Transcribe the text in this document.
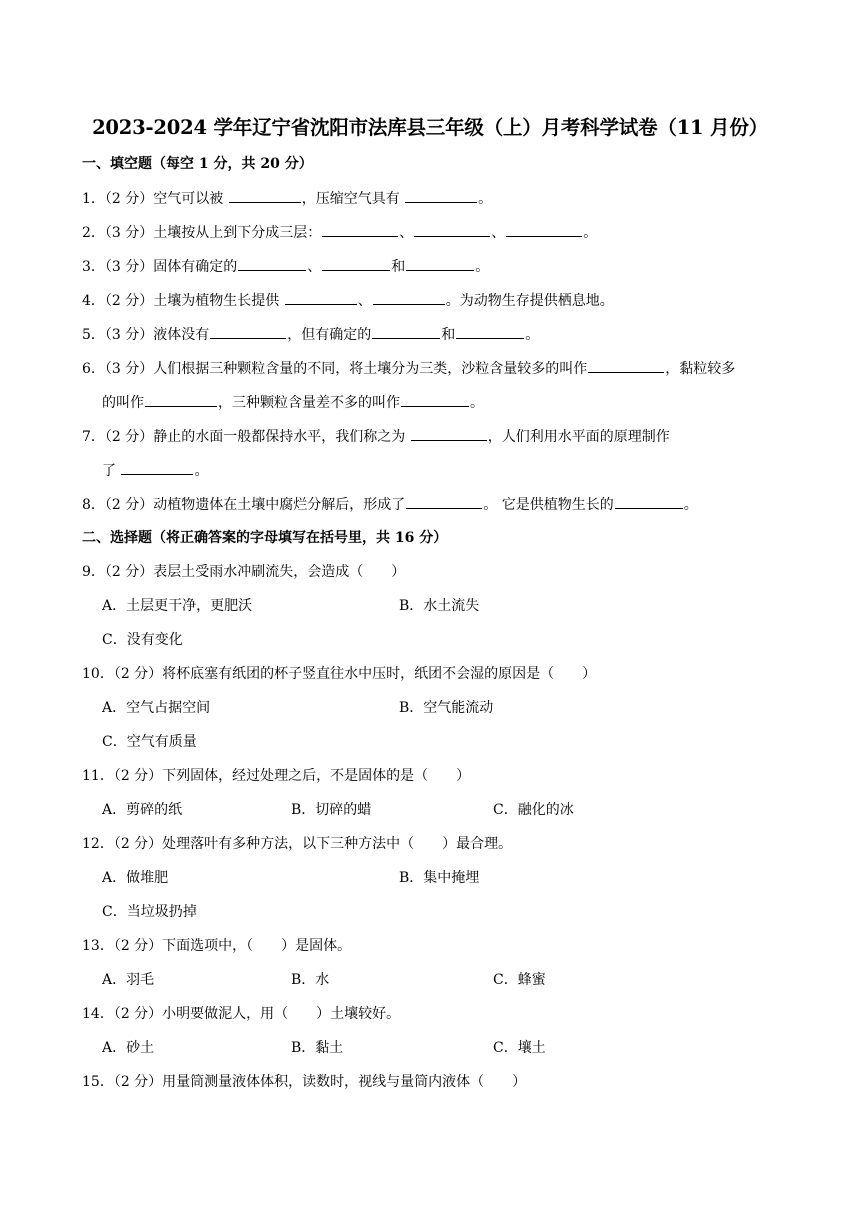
2023-2024 学年辽宁省沈阳市法库县三年级（上）月考科学试卷（11 月份）
一、填空题（每空 1 分，共 20 分）
1．（2 分）空气可以被	，压缩空气具有	。
2．（3 分）土壤按从上到下分成三层：	、	、	。
3．（3 分）固体有确定的	、	和	。
4．（2 分）土壤为植物生长提供	、	。为动物生存提供栖息地。
5．（3 分）液体没有	，但有确定的	和	。
6．（3 分）人们根据三种颗粒含量的不同，将土壤分为三类，沙粒含量较多的叫作	，黏粒较多
的叫作	，三种颗粒含量差不多的叫作	。
7．（2 分）静止的水面一般都保持水平，我们称之为	，人们利用水平面的原理制作
了	。
8．（2 分）动植物遗体在土壤中腐烂分解后，形成了	。 它是供植物生长的	。
二、选择题（将正确答案的字母填写在括号里，共 16 分）
9．（2 分）表层土受雨水冲刷流失，会造成（　　）
A．土层更干净，更肥沃	B．水土流失
C．没有变化
10．（2 分）将杯底塞有纸团的杯子竖直往水中压时，纸团不会湿的原因是（　　）
A．空气占据空间	B．空气能流动
C．空气有质量
11．（2 分）下列固体，经过处理之后，不是固体的是（　　）
A．剪碎的纸	B．切碎的蜡	C．融化的冰
12．（2 分）处理落叶有多种方法，以下三种方法中（　　）最合理。
A．做堆肥	B．集中掩埋
C．当垃圾扔掉
13．（2 分）下面选项中，（　　）是固体。
A．羽毛	B．水	C．蜂蜜
14．（2 分）小明要做泥人，用（　　）土壤较好。
A．砂土	B．黏土	C．壤土
15．（2 分）用量筒测量液体体积，读数时，视线与量筒内液体（　　）
